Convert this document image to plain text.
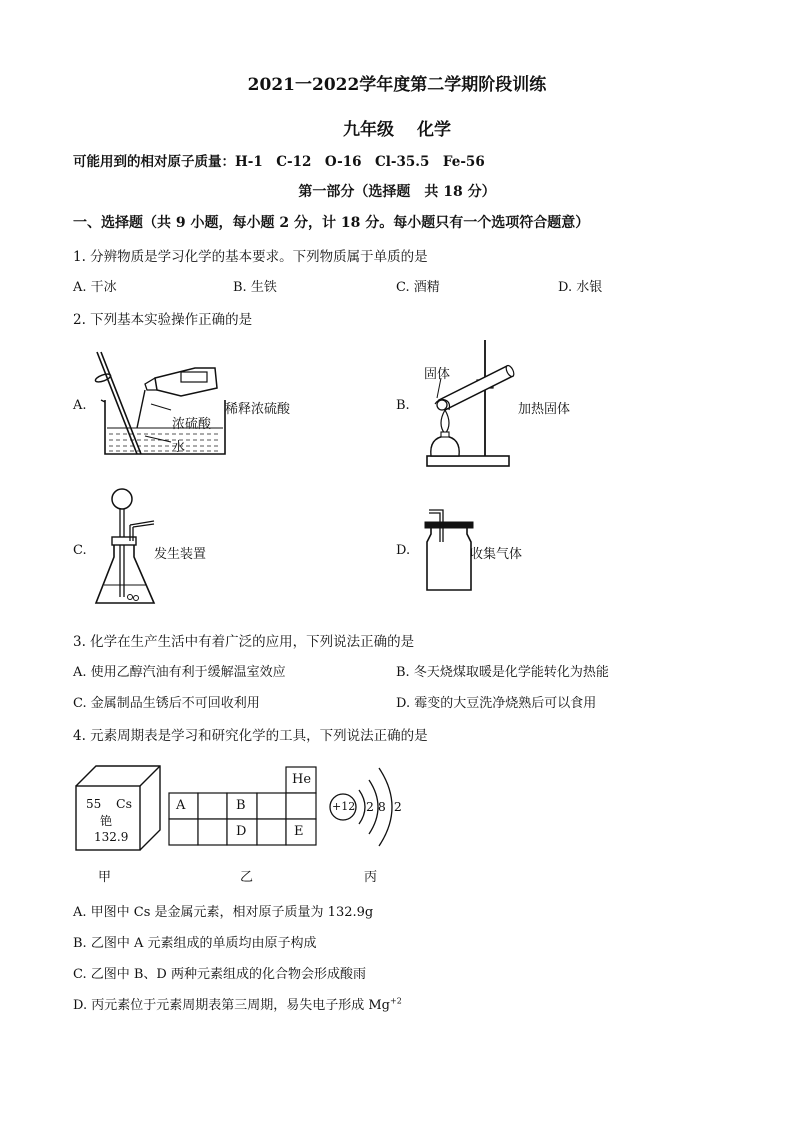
2021一2022学年度第二学期阶段训练
九年级　 化学
可能用到的相对原子质量：H-1　C-12　O-16　Cl-35.5　Fe-56
第一部分（选择题　共 18 分）
一、选择题（共 9 小题，每小题 2 分，计 18 分。每小题只有一个选项符合题意）
1. 分辨物质是学习化学的基本要求。下列物质属于单质的是
A. 干冰	B. 生铁	C. 酒精	D. 水银
2. 下列基本实验操作正确的是
A.	稀释浓硫酸
浓硫酸
水
B.
固体
加热固体
C.	发生装置	D.	收集气体
3. 化学在生产生活中有着广泛的应用，下列说法正确的是
A. 使用乙醇汽油有利于缓解温室效应	B. 冬天烧煤取暖是化学能转化为热能
C. 金属制品生锈后不可回收利用	D. 霉变的大豆洗净烧熟后可以食用
4. 元素周期表是学习和研究化学的工具，下列说法正确的是
55 Cs
铯
132.9
He
A	B
D	E
+12 2 8  2
甲	乙	丙
A. 甲图中 Cs 是金属元素，相对原子质量为 132.9g
B. 乙图中 A 元素组成的单质均由原子构成
C. 乙图中 B、D 两种元素组成的化合物会形成酸雨
D. 丙元素位于元素周期表第三周期，易失电子形成 $Mg^{+2}$
